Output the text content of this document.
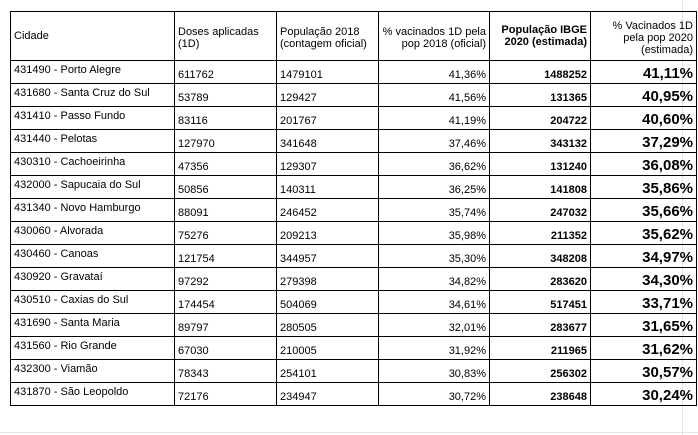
Cidade	Doses aplicadas (1D)	População 2018 (contagem oficial)	% vacinados 1D pela pop 2018 (oficial)	População IBGE 2020 (estimada)	% Vacinados 1D pela pop 2020 (estimada)
431490 - Porto Alegre	611762	1479101	41,36%	1488252	41,11%
431680 - Santa Cruz do Sul	53789	129427	41,56%	131365	40,95%
431410 - Passo Fundo	83116	201767	41,19%	204722	40,60%
431440 - Pelotas	127970	341648	37,46%	343132	37,29%
430310 - Cachoeirinha	47356	129307	36,62%	131240	36,08%
432000 - Sapucaia do Sul	50856	140311	36,25%	141808	35,86%
431340 - Novo Hamburgo	88091	246452	35,74%	247032	35,66%
430060 - Alvorada	75276	209213	35,98%	211352	35,62%
430460 - Canoas	121754	344957	35,30%	348208	34,97%
430920 - Gravataí	97292	279398	34,82%	283620	34,30%
430510 - Caxias do Sul	174454	504069	34,61%	517451	33,71%
431690 - Santa Maria	89797	280505	32,01%	283677	31,65%
431560 - Rio Grande	67030	210005	31,92%	211965	31,62%
432300 - Viamão	78343	254101	30,83%	256302	30,57%
431870 - São Leopoldo	72176	234947	30,72%	238648	30,24%
